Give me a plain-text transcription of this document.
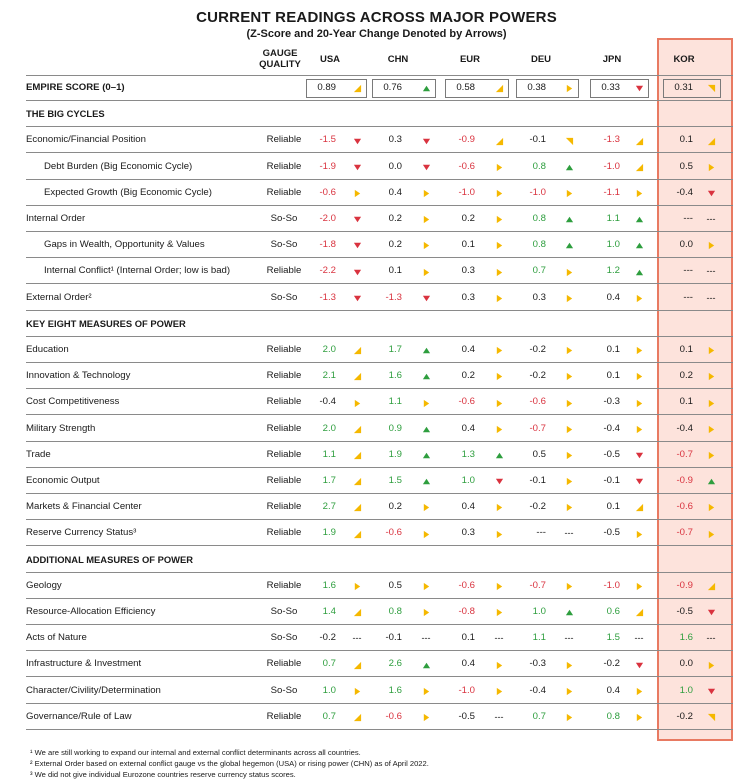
CURRENT READINGS ACROSS MAJOR POWERS
(Z-Score and 20-Year Change Denoted by Arrows)
GAUGE
QUALITY	USA	CHN	EUR	DEU	JPN	KOR
EMPIRE SCORE (0–1)	0.89	0.76	0.58	0.38	0.33	0.31
THE BIG CYCLES
Economic/Financial Position	Reliable	-1.5	0.3	-0.9	-0.1	-1.3	0.1
Debt Burden (Big Economic Cycle)	Reliable	-1.9	0.0	-0.6	0.8	-1.0	0.5
Expected Growth (Big Economic Cycle)	Reliable	-0.6	0.4	-1.0	-1.0	-1.1	-0.4
Internal Order	So-So	-2.0	0.2	0.2	0.8	1.1	---	---
Gaps in Wealth, Opportunity & Values	So-So	-1.8	0.2	0.1	0.8	1.0	0.0
Internal Conflict¹ (Internal Order; low is bad)	Reliable	-2.2	0.1	0.3	0.7	1.2	---	---
External Order²	So-So	-1.3	-1.3	0.3	0.3	0.4	---	---
KEY EIGHT MEASURES OF POWER
Education	Reliable	2.0	1.7	0.4	-0.2	0.1	0.1
Innovation & Technology	Reliable	2.1	1.6	0.2	-0.2	0.1	0.2
Cost Competitiveness	Reliable	-0.4	1.1	-0.6	-0.6	-0.3	0.1
Military Strength	Reliable	2.0	0.9	0.4	-0.7	-0.4	-0.4
Trade	Reliable	1.1	1.9	1.3	0.5	-0.5	-0.7
Economic Output	Reliable	1.7	1.5	1.0	-0.1	-0.1	-0.9
Markets & Financial Center	Reliable	2.7	0.2	0.4	-0.2	0.1	-0.6
Reserve Currency Status³	Reliable	1.9	-0.6	0.3	---	---	-0.5	-0.7
ADDITIONAL MEASURES OF POWER
Geology	Reliable	1.6	0.5	-0.6	-0.7	-1.0	-0.9
Resource-Allocation Efficiency	So-So	1.4	0.8	-0.8	1.0	0.6	-0.5
Acts of Nature	So-So	-0.2	---	-0.1	---	0.1	---	1.1	---	1.5	---	1.6	---
Infrastructure & Investment	Reliable	0.7	2.6	0.4	-0.3	-0.2	0.0
Character/Civility/Determination	So-So	1.0	1.6	-1.0	-0.4	0.4	1.0
Governance/Rule of Law	Reliable	0.7	-0.6	-0.5	---	0.7	0.8	-0.2
¹ We are still working to expand our internal and external conflict determinants across all countries.
² External Order based on external conflict gauge vs the global hegemon (USA) or rising power (CHN) as of April 2022.
³ We did not give individual Eurozone countries reserve currency status scores.
